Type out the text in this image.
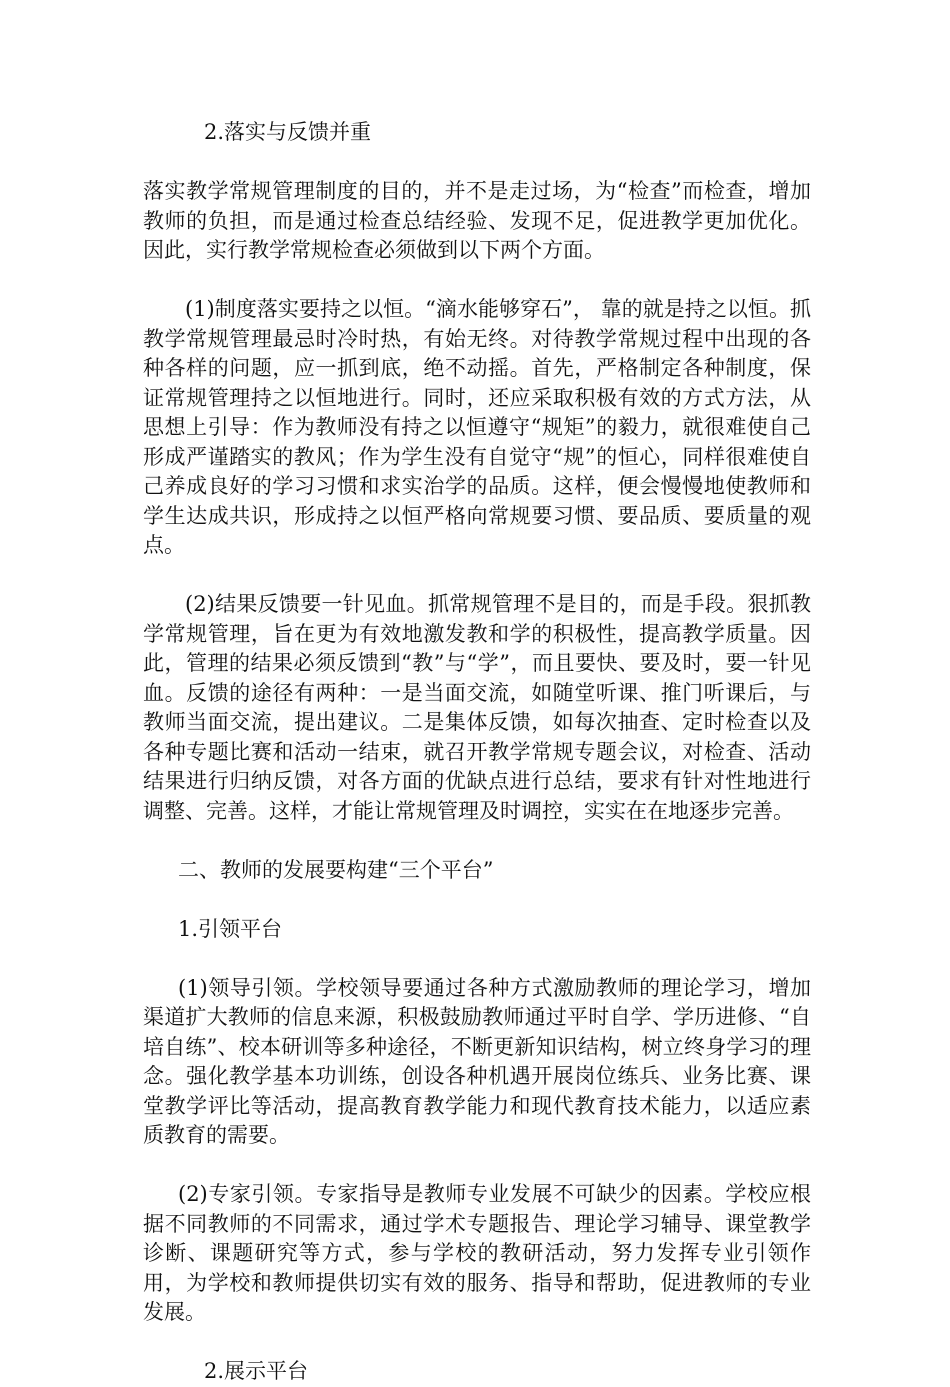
2.落实与反馈并重

落实教学常规管理制度的目的，并不是走过场，为“检查”而检查，增加教师的负担，而是通过检查总结经验、发现不足，促进教学更加优化。因此，实行教学常规检查必须做到以下两个方面。

(1)制度落实要持之以恒。“滴水能够穿石”， 靠的就是持之以恒。抓教学常规管理最忌时冷时热，有始无终。对待教学常规过程中出现的各种各样的问题，应一抓到底，绝不动摇。首先，严格制定各种制度，保证常规管理持之以恒地进行。同时，还应采取积极有效的方式方法，从思想上引导：作为教师没有持之以恒遵守“规矩”的毅力，就很难使自己形成严谨踏实的教风；作为学生没有自觉守“规”的恒心，同样很难使自己养成良好的学习习惯和求实治学的品质。这样，便会慢慢地使教师和学生达成共识，形成持之以恒严格向常规要习惯、要品质、要质量的观点。

(2)结果反馈要一针见血。抓常规管理不是目的，而是手段。狠抓教学常规管理，旨在更为有效地激发教和学的积极性，提高教学质量。因此，管理的结果必须反馈到“教”与“学”，而且要快、要及时，要一针见血。反馈的途径有两种：一是当面交流，如随堂听课、推门听课后，与教师当面交流，提出建议。二是集体反馈，如每次抽查、定时检查以及各种专题比赛和活动一结束，就召开教学常规专题会议，对检查、活动结果进行归纳反馈，对各方面的优缺点进行总结，要求有针对性地进行调整、完善。这样，才能让常规管理及时调控，实实在在地逐步完善。

二、教师的发展要构建“三个平台”

1.引领平台

(1)领导引领。学校领导要通过各种方式激励教师的理论学习，增加渠道扩大教师的信息来源，积极鼓励教师通过平时自学、学历进修、“自培自练”、校本研训等多种途径，不断更新知识结构，树立终身学习的理念。强化教学基本功训练，创设各种机遇开展岗位练兵、业务比赛、课堂教学评比等活动，提高教育教学能力和现代教育技术能力，以适应素质教育的需要。

(2)专家引领。专家指导是教师专业发展不可缺少的因素。学校应根据不同教师的不同需求，通过学术专题报告、理论学习辅导、课堂教学诊断、课题研究等方式，参与学校的教研活动，努力发挥专业引领作用，为学校和教师提供切实有效的服务、指导和帮助，促进教师的专业发展。

2.展示平台
